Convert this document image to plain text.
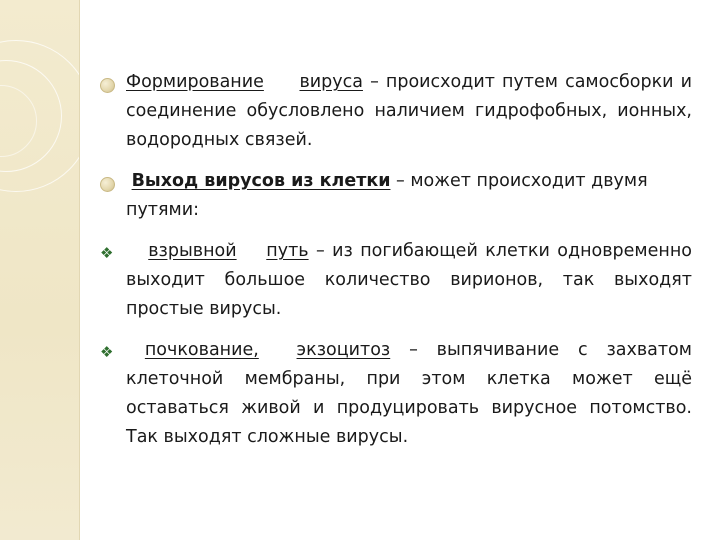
Формирование вируса – происходит путем самосборки и соединение обусловлено наличием гидрофобных, ионных, водородных связей.

Выход вирусов из клетки – может происходит двумя путями:

❖	взрывной путь – из погибающей клетки одновременно выходит большое количество вирионов, так выходят простые вирусы.

❖	почкование, экзоцитоз – выпячивание с захватом клеточной мембраны, при этом клетка может ещё оставаться живой и продуцировать вирусное потомство. Так выходят сложные вирусы.
